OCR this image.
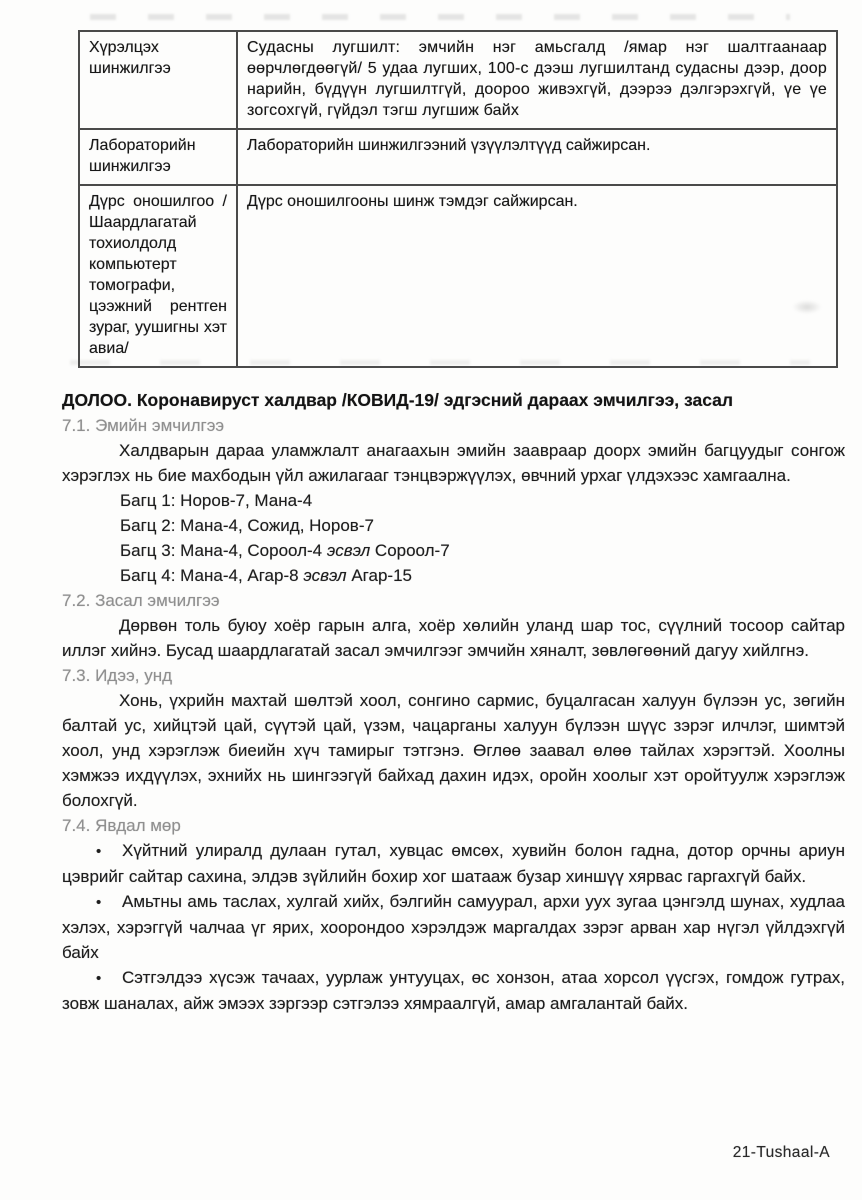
Хүрэлцэх шинжилгээ	Судасны лугшилт: эмчийн нэг амьсгалд /ямар нэг шалтгаанаар өөрчлөгдөөгүй/ 5 удаа лугших, 100-с дээш лугшилтанд судасны дээр, доор нарийн, бүдүүн лугшилтгүй, доороо живэхгүй, дээрээ дэлгэрэхгүй, үе үе зогсохгүй, гүйдэл тэгш лугшиж байх
Лабораторийн шинжилгээ	Лабораторийн шинжилгээний үзүүлэлтүүд сайжирсан.
Дүрс оношилгоо /Шаардлагатай тохиолдолд компьютерт томографи, цээжний рентген зураг, уушигны хэт авиа/	Дүрс оношилгооны шинж тэмдэг сайжирсан.
ДОЛОО. Коронавируст халдвар /КОВИД-19/ эдгэсний дараах эмчилгээ, засал
7.1. Эмийн эмчилгээ

Халдварын дараа уламжлалт анагаахын эмийн заавраар доорх эмийн багцуудыг сонгож хэрэглэх нь бие махбодын үйл ажилагааг тэнцвэржүүлэх, өвчний урхаг үлдэхээс хамгаална.

Багц 1: Норов-7, Мана-4
Багц 2: Мана-4, Сожид, Норов-7
Багц 3: Мана-4, Сороол-4 эсвэл Сороол-7
Багц 4: Мана-4, Агар-8 эсвэл Агар-15
7.2. Засал эмчилгээ

Дөрвөн толь буюу хоёр гарын алга, хоёр хөлийн уланд шар тос, сүүлний тосоор сайтар иллэг хийнэ. Бусад шаардлагатай засал эмчилгээг эмчийн хяналт, зөвлөгөөний дагуу хийлгнэ.

7.3. Идээ, унд

Хонь, үхрийн махтай шөлтэй хоол, сонгино сармис, буцалгасан халуун бүлээн ус, зөгийн балтай ус, хийцтэй цай, сүүтэй цай, үзэм, чацарганы халуун бүлээн шүүс зэрэг илчлэг, шимтэй хоол, унд хэрэглэж биеийн хүч тамирыг тэтгэнэ. Өглөө заавал өлөө тайлах хэрэгтэй. Хоолны хэмжээ ихдүүлэх, эхнийх нь шингээгүй байхад дахин идэх, оройн хоолыг хэт оройтуулж хэрэглэж болохгүй.

7.4. Явдал мөр

• Хүйтний улиралд дулаан гутал, хувцас өмсөх, хувийн болон гадна, дотор орчны ариун цэврийг сайтар сахина, элдэв зүйлийн бохир хог шатааж бузар хиншүү хярвас гаргахгүй байх.

• Амьтны амь таслах, хулгай хийх, бэлгийн самуурал, архи уух зугаа цэнгэлд шунах, худлаа хэлэх, хэрэггүй чалчаа үг ярих, хоорондоо хэрэлдэж маргалдах зэрэг арван хар нүгэл үйлдэхгүй байх

• Сэтгэлдээ хүсэж тачаах, уурлаж унтууцах, өс хонзон, атаа хорсол үүсгэх, гомдож гутрах, зовж шаналах, айж эмээх зэргээр сэтгэлээ хямраалгүй, амар амгалантай байх.

21-Tushaal-A
